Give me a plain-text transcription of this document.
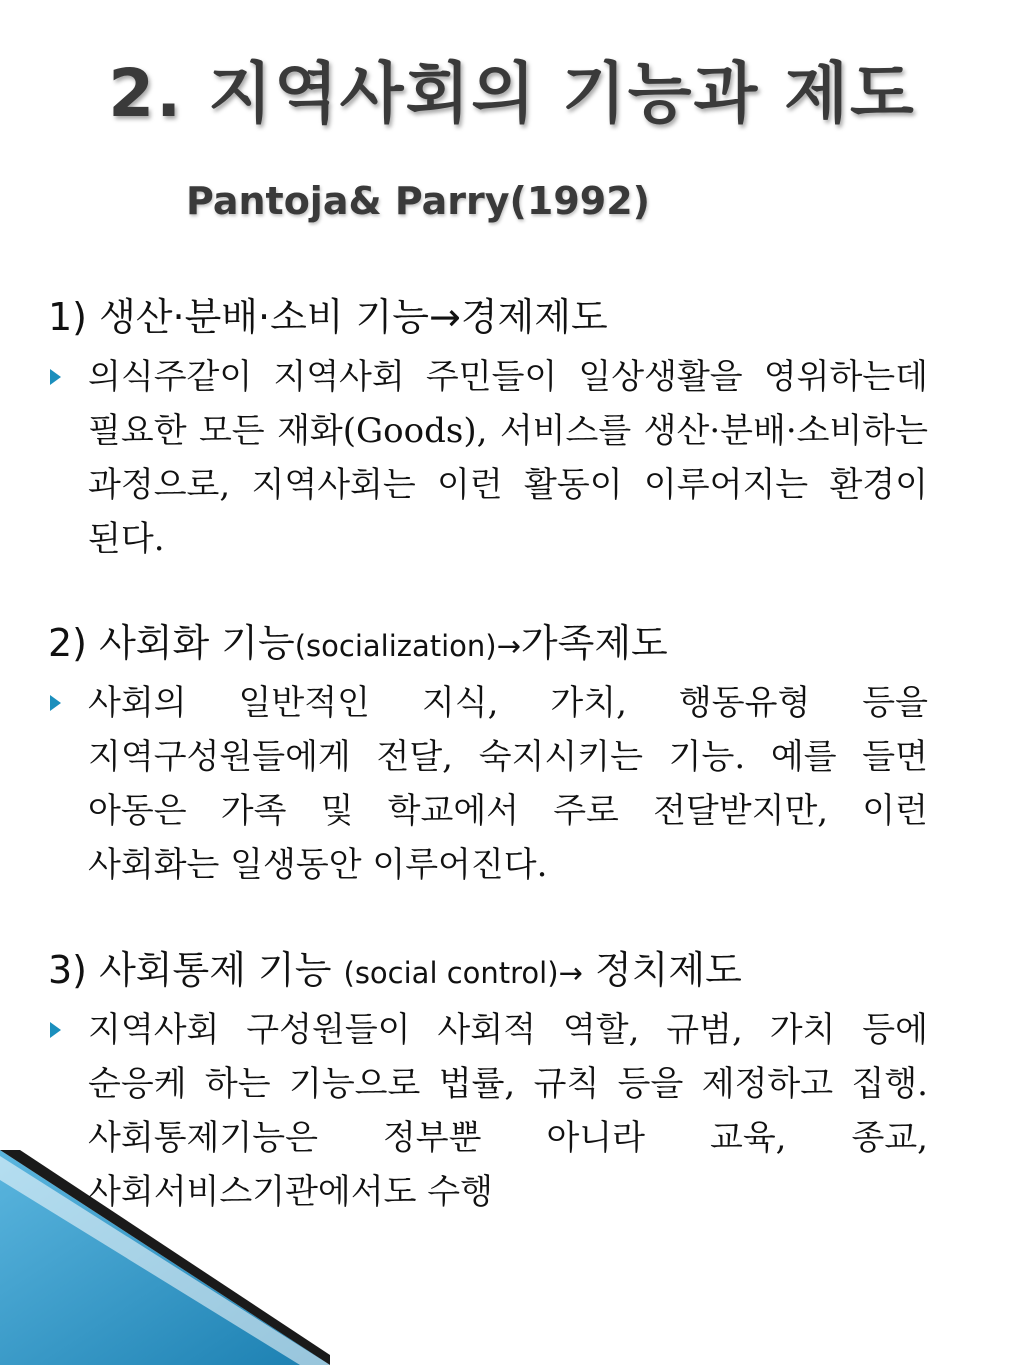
2. 지역사회의 기능과 제도
Pantoja& Parry(1992)
1) 생산·분배·소비 기능→경제제도
의식주같이 지역사회 주민들이 일상생활을 영위하는데 필요한 모든 재화(Goods), 서비스를 생산·분배·소비하는 과정으로, 지역사회는 이런 활동이 이루어지는 환경이 된다.
2) 사회화 기능(socialization)→가족제도
사회의 일반적인 지식, 가치, 행동유형 등을 지역구성원들에게 전달, 숙지시키는 기능. 예를 들면 아동은 가족 및 학교에서 주로 전달받지만, 이런 사회화는 일생동안 이루어진다.
3) 사회통제 기능 (social control)→ 정치제도
지역사회 구성원들이 사회적 역할, 규범, 가치 등에 순응케 하는 기능으로 법률, 규칙 등을 제정하고 집행. 사회통제기능은 정부뿐 아니라 교육, 종교, 사회서비스기관에서도 수행
